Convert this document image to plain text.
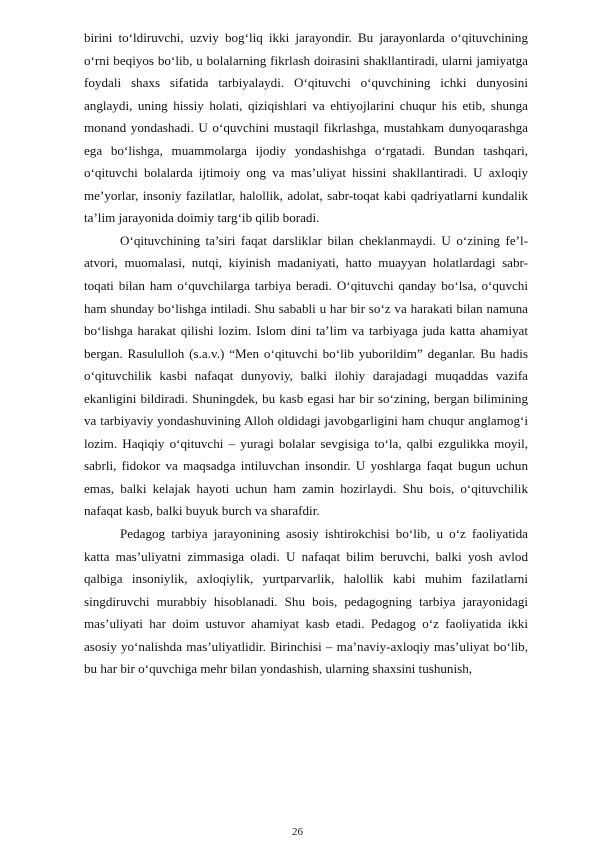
birini to‘ldiruvchi, uzviy bog‘liq ikki jarayondir. Bu jarayonlarda o‘qituvchining o‘rni beqiyos bo‘lib, u bolalarning fikrlash doirasini shakllantiradi, ularni jamiyatga foydali shaxs sifatida tarbiyalaydi. O‘qituvchi o‘quvchining ichki dunyosini anglaydi, uning hissiy holati, qiziqishlari va ehtiyojlarini chuqur his etib, shunga monand yondashadi. U o‘quvchini mustaqil fikrlashga, mustahkam dunyoqarashga ega bo‘lishga, muammolarga ijodiy yondashishga o‘rgatadi. Bundan tashqari, o‘qituvchi bolalarda ijtimoiy ong va mas’uliyat hissini shakllantiradi. U axloqiy me’yorlar, insoniy fazilatlar, halollik, adolat, sabr-toqat kabi qadriyatlarni kundalik ta’lim jarayonida doimiy targ‘ib qilib boradi.

O‘qituvchining ta’siri faqat darsliklar bilan cheklanmaydi. U o‘zining fe’l-atvori, muomalasi, nutqi, kiyinish madaniyati, hatto muayyan holatlardagi sabr-toqati bilan ham o‘quvchilarga tarbiya beradi. O‘qituvchi qanday bo‘lsa, o‘quvchi ham shunday bo‘lishga intiladi. Shu sababli u har bir so‘z va harakati bilan namuna bo‘lishga harakat qilishi lozim. Islom dini ta’lim va tarbiyaga juda katta ahamiyat bergan. Rasululloh (s.a.v.) “Men o‘qituvchi bo‘lib yuborildim” deganlar. Bu hadis o‘qituvchilik kasbi nafaqat dunyoviy, balki ilohiy darajadagi muqaddas vazifa ekanligini bildiradi. Shuningdek, bu kasb egasi har bir so‘zining, bergan bilimining va tarbiyaviy yondashuvining Alloh oldidagi javobgarligini ham chuqur anglamog‘i lozim. Haqiqiy o‘qituvchi – yuragi bolalar sevgisiga to‘la, qalbi ezgulikka moyil, sabrli, fidokor va maqsadga intiluvchan insondir. U yoshlarga faqat bugun uchun emas, balki kelajak hayoti uchun ham zamin hozirlaydi. Shu bois, o‘qituvchilik nafaqat kasb, balki buyuk burch va sharafdir.

Pedagog tarbiya jarayonining asosiy ishtirokchisi bo‘lib, u o‘z faoliyatida katta mas’uliyatni zimmasiga oladi. U nafaqat bilim beruvchi, balki yosh avlod qalbiga insoniylik, axloqiylik, yurtparvarlik, halollik kabi muhim fazilatlarni singdiruvchi murabbiy hisoblanadi. Shu bois, pedagogning tarbiya jarayonidagi mas’uliyati har doim ustuvor ahamiyat kasb etadi. Pedagog o‘z faoliyatida ikki asosiy yo‘nalishda mas’uliyatlidir. Birinchisi – ma’naviy-axloqiy mas’uliyat bo‘lib, bu har bir o‘quvchiga mehr bilan yondashish, ularning shaxsini tushunish,

26
